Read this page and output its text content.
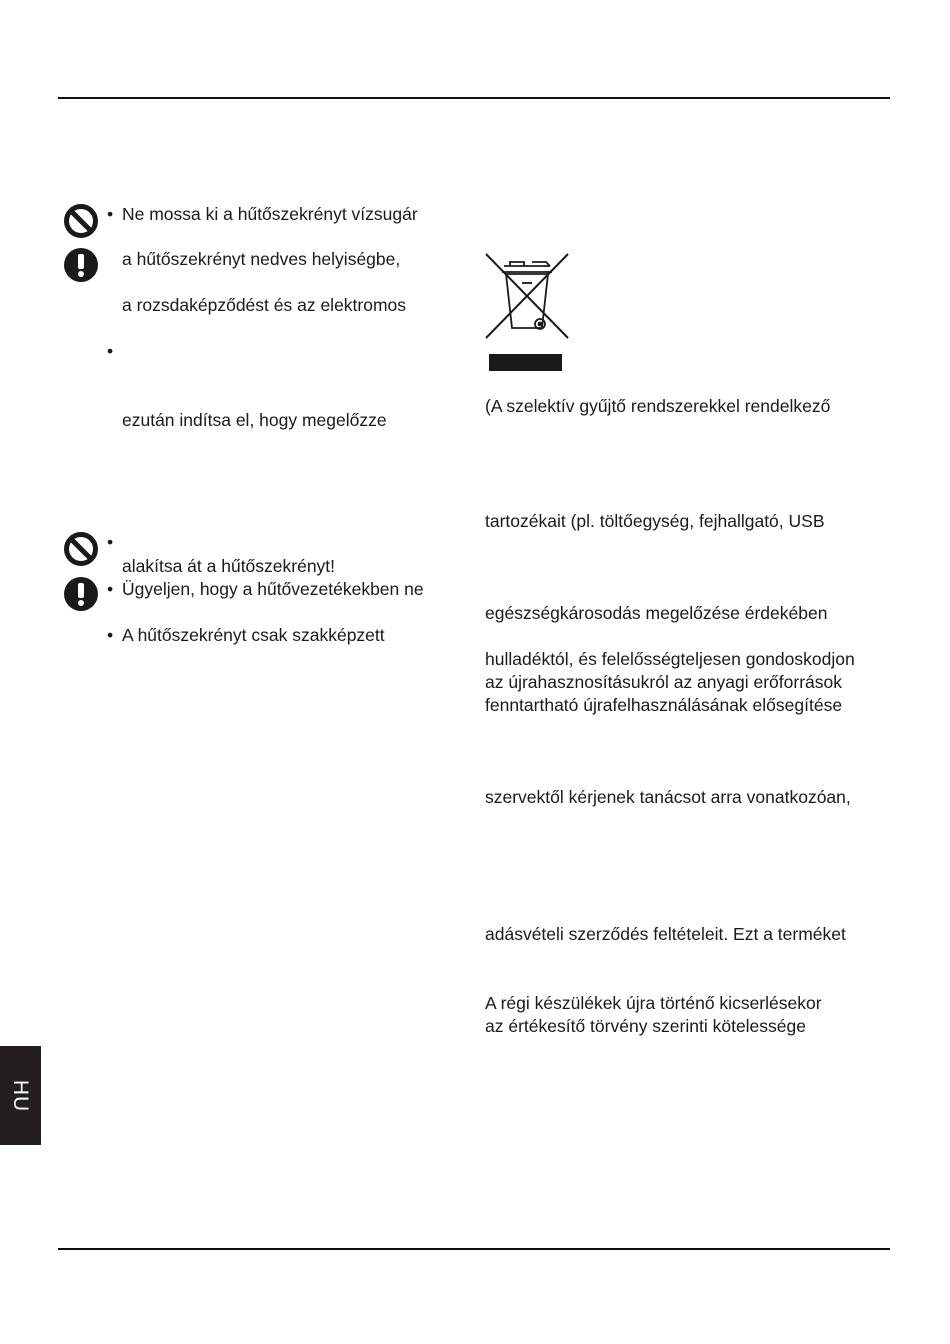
•
•
•
•
•
Ne mossa ki a hűtőszekrényt vízsugár
a hűtőszekrényt nedves helyiségbe,
a rozsdaképződést és az elektromos
ezután indítsa el, hogy megelőzze
alakítsa át a hűtőszekrényt!
Ügyeljen, hogy a hűtővezetékekben ne
A hűtőszekrényt csak szakképzett
(A szelektív gyűjtő rendszerekkel rendelkező
tartozékait (pl. töltőegység, fejhallgató, USB
egészségkárosodás megelőzése érdekében
hulladéktól, és felelősségteljesen gondoskodjon
az újrahasznosításukról az anyagi erőforrások
fenntartható újrafelhasználásának elősegítése
szervektől kérjenek tanácsot arra vonatkozóan,
adásvételi szerződés feltételeit. Ezt a terméket
A régi készülékek újra történő kicserlésekor
az értékesítő törvény szerinti kötelessége
HU
